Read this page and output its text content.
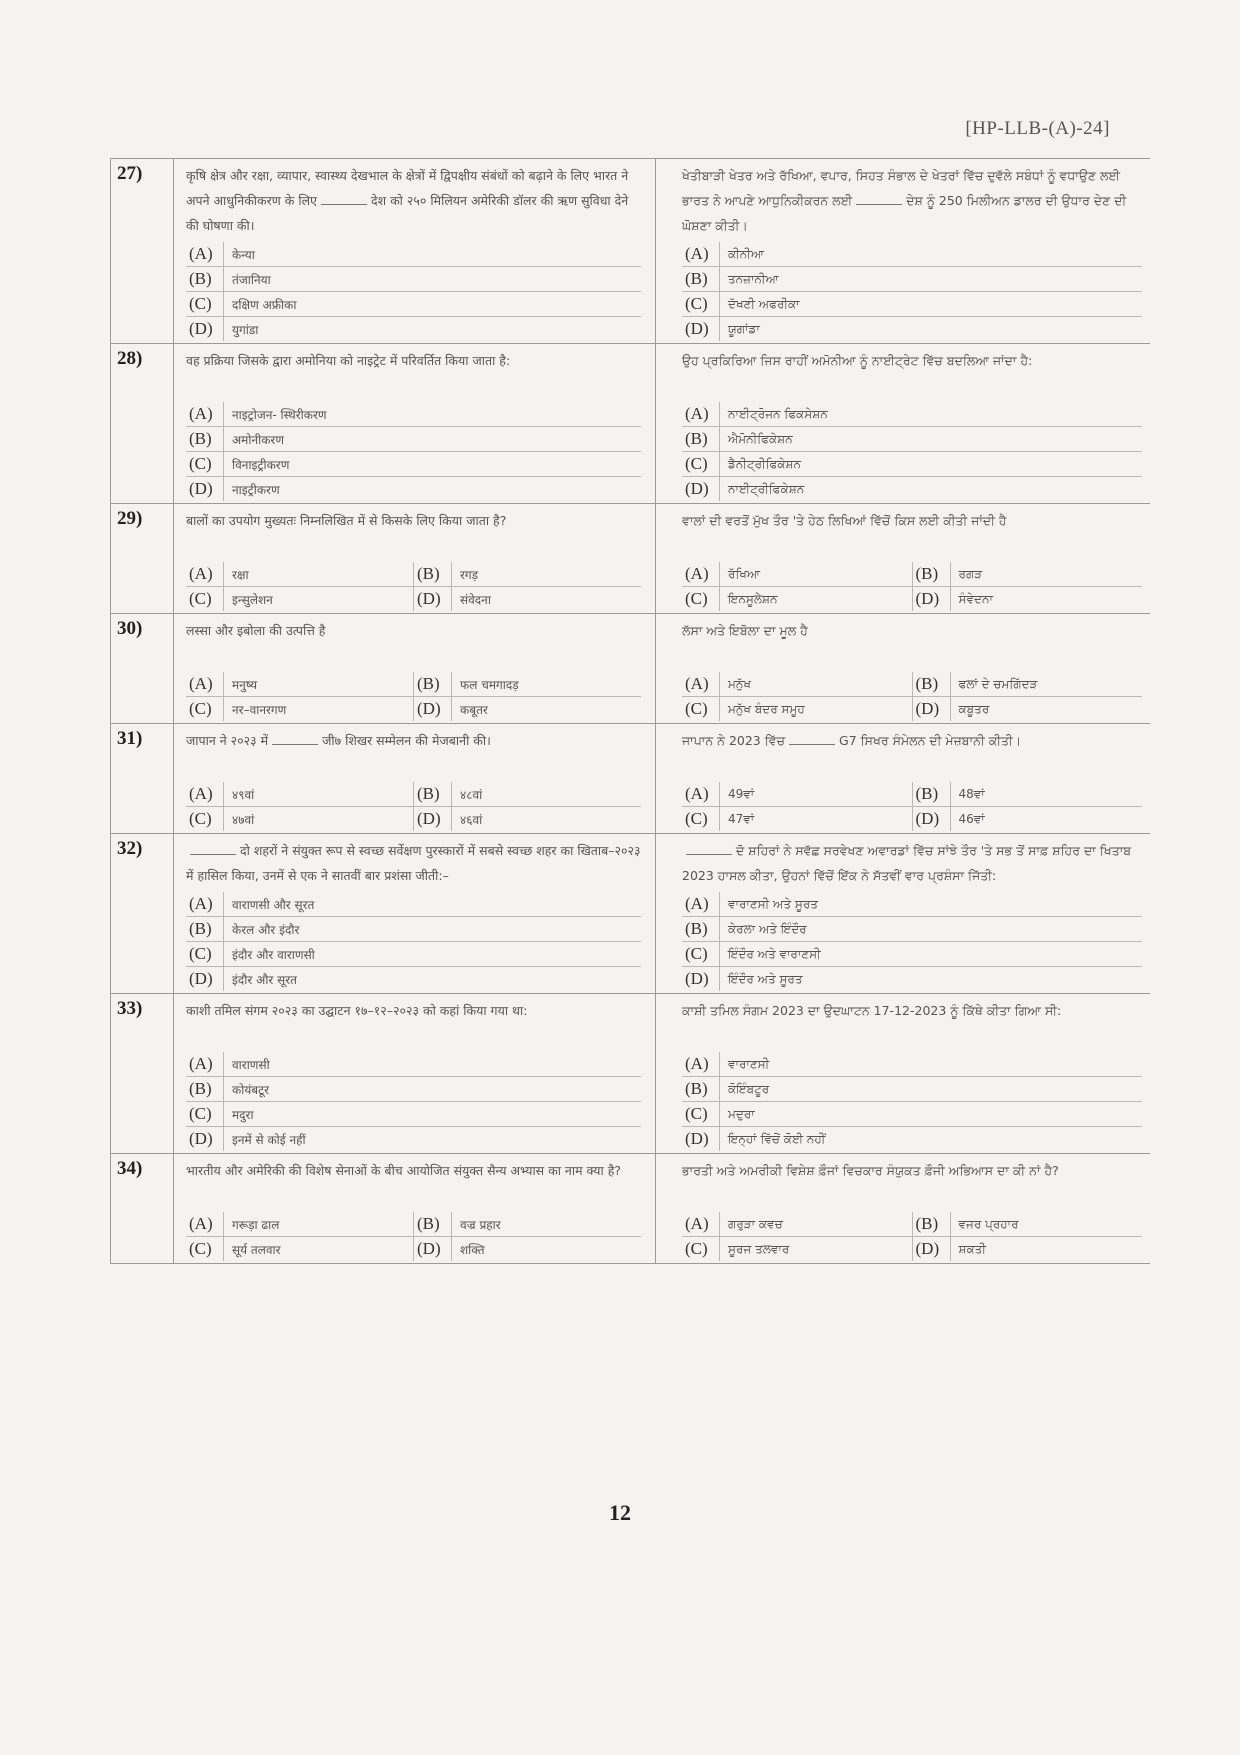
[HP-LLB-(A)-24]
27)	कृषि क्षेत्र और रक्षा, व्यापार, स्वास्थ्य देखभाल के क्षेत्रों में द्विपक्षीय संबंधों को बढ़ाने के लिए भारत ने अपने आधुनिकीकरण के लिए	देश को २५० मिलियन अमेरिकी डॉलर की ऋण सुविधा देने की घोषणा की।
(A)	केन्या
(B)	तंजानिया
(C)	दक्षिण अफ्रीका
(D)	युगांडा
ਖੇਤੀਬਾੜੀ ਖੇਤਰ ਅਤੇ ਰੱਖਿਆ, ਵਪਾਰ, ਸਿਹਤ ਸੰਭਾਲ ਦੇ ਖੇਤਰਾਂ ਵਿੱਚ ਦੁਵੱਲੇ ਸਬੰਧਾਂ ਨੂੰ ਵਧਾਉਣ ਲਈ ਭਾਰਤ ਨੇ ਆਪਣੇ ਆਧੁਨਿਕੀਕਰਨ ਲਈ	ਦੇਸ਼ ਨੂੰ 250 ਮਿਲੀਅਨ ਡਾਲਰ ਦੀ ਉਧਾਰ ਦੇਣ ਦੀ ਘੋਸ਼ਣਾ ਕੀਤੀ।
(A)	ਕੀਨੀਆ
(B)	ਤਨਜ਼ਾਨੀਆ
(C)	ਦੱਖਣੀ ਅਫਰੀਕਾ
(D)	ਯੂਗਾਂਡਾ
28)	वह प्रक्रिया जिसके द्वारा अमोनिया को नाइट्रेट में परिवर्तित किया जाता है:
(A)	नाइट्रोजन- स्थिरीकरण
(B)	अमोनीकरण
(C)	विनाइट्रीकरण
(D)	नाइट्रीकरण
ਉਹ ਪ੍ਰਕਿਰਿਆ ਜਿਸ ਰਾਹੀਂ ਅਮੋਨੀਆ ਨੂੰ ਨਾਈਟ੍ਰੇਟ ਵਿੱਚ ਬਦਲਿਆ ਜਾਂਦਾ ਹੈ:
(A)	ਨਾਈਟ੍ਰੋਜਨ ਫਿਕਸੇਸ਼ਨ
(B)	ਐਮੋਨੀਫਿਕੇਸ਼ਨ
(C)	ਡੈਨੀਟ੍ਰੀਫਿਕੇਸ਼ਨ
(D)	ਨਾਈਟ੍ਰੀਫਿਕੇਸ਼ਨ
29)	बालों का उपयोग मुख्यतः निम्नलिखित में से किसके लिए किया जाता है?
(A)	रक्षा	(B)	रगड़
(C)	इन्सुलेशन	(D)	संवेदना
ਵਾਲਾਂ ਦੀ ਵਰਤੋਂ ਮੁੱਖ ਤੌਰ 'ਤੇ ਹੇਠ ਲਿਖਿਆਂ ਵਿੱਚੋਂ ਕਿਸ ਲਈ ਕੀਤੀ ਜਾਂਦੀ ਹੈ
(A)	ਰੱਖਿਆ	(B)	ਰਗੜ
(C)	ਇਨਸੂਲੇਸ਼ਨ	(D)	ਸੰਵੇਦਨਾ
30)	लस्सा और इबोला की उत्पत्ति है
(A)	मनुष्य	(B)	फल चमगादड़
(C)	नर–वानरगण	(D)	कबूतर
ਲੱਸਾ ਅਤੇ ਇਬੋਲਾ ਦਾ ਮੂਲ ਹੈ
(A)	ਮਨੁੱਖ	(B)	ਫਲਾਂ ਦੇ ਚਮਗਿੱਦੜ
(C)	ਮਨੁੱਖ ਬੰਦਰ ਸਮੂਹ	(D)	ਕਬੂਤਰ
31)	जापान ने २०२३ में	जी७ शिखर सम्मेलन की मेजबानी की।
(A)	४९वां	(B)	४८वां
(C)	४७वां	(D)	४६वां
ਜਾਪਾਨ ਨੇ 2023 ਵਿੱਚ	G7 ਸਿਖਰ ਸੰਮੇਲਨ ਦੀ ਮੇਜ਼ਬਾਨੀ ਕੀਤੀ।
(A)	49ਵਾਂ	(B)	48ਵਾਂ
(C)	47ਵਾਂ	(D)	46ਵਾਂ
32)	दो शहरों ने संयुक्त रूप से स्वच्छ सर्वेक्षण पुरस्कारों में सबसे स्वच्छ शहर का खिताब–२०२३ में हासिल किया, उनमें से एक ने सातवीं बार प्रशंसा जीती:–
(A)	वाराणसी और सूरत
(B)	केरल और इंदौर
(C)	इंदौर और वाराणसी
(D)	इंदौर और सूरत
ਦੋ ਸ਼ਹਿਰਾਂ ਨੇ ਸਵੱਛ ਸਰਵੇਖਣ ਅਵਾਰਡਾਂ ਵਿੱਚ ਸਾਂਝੇ ਤੌਰ 'ਤੇ ਸਭ ਤੋਂ ਸਾਫ਼ ਸ਼ਹਿਰ ਦਾ ਖਿਤਾਬ 2023 ਹਾਸਲ ਕੀਤਾ, ਉਹਨਾਂ ਵਿੱਚੋਂ ਇੱਕ ਨੇ ਸੱਤਵੀਂ ਵਾਰ ਪ੍ਰਸ਼ੰਸਾ ਜਿੱਤੀ:
(A)	ਵਾਰਾਣਸੀ ਅਤੇ ਸੂਰਤ
(B)	ਕੇਰਲਾ ਅਤੇ ਇੰਦੌਰ
(C)	ਇੰਦੌਰ ਅਤੇ ਵਾਰਾਣਸੀ
(D)	ਇੰਦੌਰ ਅਤੇ ਸੂਰਤ
33)	काशी तमिल संगम २०२३ का उद्घाटन १७–१२–२०२३ को कहां किया गया था:
(A)	वाराणसी
(B)	कोयंबटूर
(C)	मदुरा
(D)	इनमें से कोई नहीं
ਕਾਸ਼ੀ ਤਮਿਲ ਸੰਗਮ 2023 ਦਾ ਉਦਘਾਟਨ 17-12-2023 ਨੂੰ ਕਿੱਥੇ ਕੀਤਾ ਗਿਆ ਸੀ:
(A)	ਵਾਰਾਣਸੀ
(B)	ਕੋਇੰਬਟੂਰ
(C)	ਮਦੁਰਾ
(D)	ਇਨ੍ਹਾਂ ਵਿੱਚੋਂ ਕੋਈ ਨਹੀਂ
34)	भारतीय और अमेरिकी की विशेष सेनाओं के बीच आयोजित संयुक्त सैन्य अभ्यास का नाम क्या है?
(A)	गरूड़ा ढाल	(B)	वज्र प्रहार
(C)	सूर्य तलवार	(D)	शक्ति
ਭਾਰਤੀ ਅਤੇ ਅਮਰੀਕੀ ਵਿਸ਼ੇਸ਼ ਫ਼ੌਜਾਂ ਵਿਚਕਾਰ ਸੰਯੁਕਤ ਫ਼ੌਜੀ ਅਭਿਆਸ ਦਾ ਕੀ ਨਾਂ ਹੈ?
(A)	ਗਰੁੜਾ ਕਵਚ	(B)	ਵਜਰ ਪ੍ਰਹਾਰ
(C)	ਸੂਰਜ ਤਲਵਾਰ	(D)	ਸ਼ਕਤੀ
12
